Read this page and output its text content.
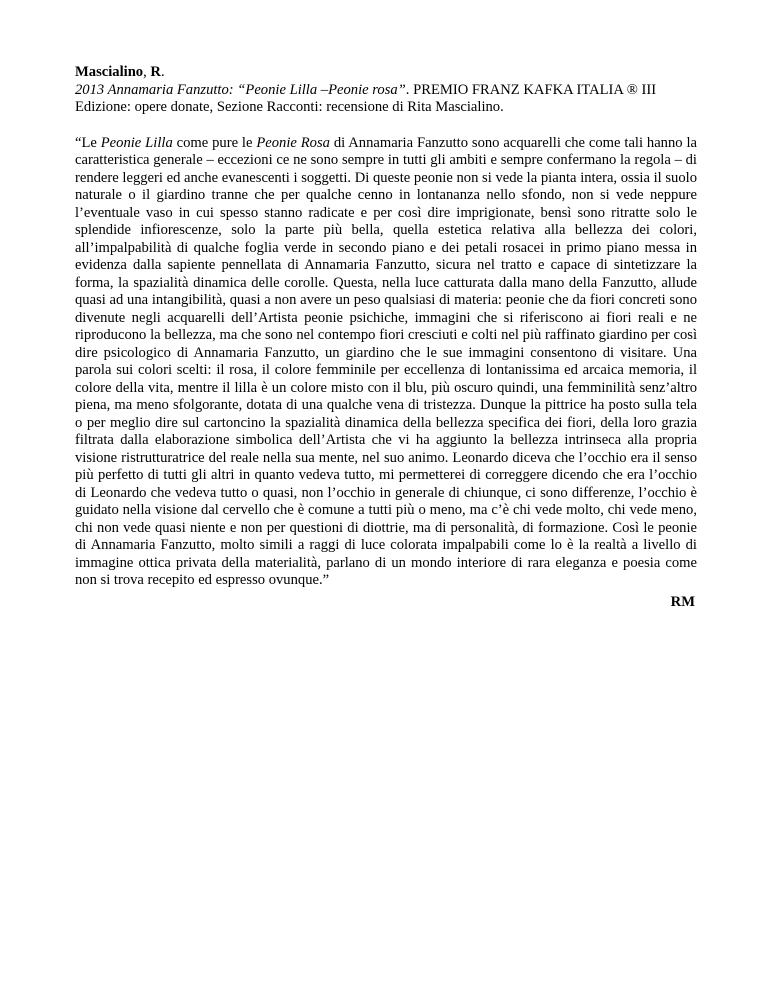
Mascialino, R.

2013 Annamaria Fanzutto: “Peonie Lilla –Peonie rosa”. PREMIO FRANZ KAFKA ITALIA ® III Edizione: opere donate, Sezione Racconti: recensione di Rita Mascialino.

“Le Peonie Lilla come pure le Peonie Rosa di Annamaria Fanzutto sono acquarelli che come tali hanno la caratteristica generale – eccezioni ce ne sono sempre in tutti gli ambiti e sempre confermano la regola – di rendere leggeri ed anche evanescenti i soggetti. Di queste peonie non si vede la pianta intera, ossia il suolo naturale o il giardino tranne che per qualche cenno in lontananza nello sfondo, non si vede neppure l’eventuale vaso in cui spesso stanno radicate e per così dire imprigionate, bensì sono ritratte solo le splendide infiorescenze, solo la parte più bella, quella estetica relativa alla bellezza dei colori, all’impalpabilità di qualche foglia verde in secondo piano e dei petali rosacei in primo piano messa in evidenza dalla sapiente pennellata di Annamaria Fanzutto, sicura nel tratto e capace di sintetizzare la forma, la spazialità dinamica delle corolle. Questa, nella luce catturata dalla mano della Fanzutto, allude quasi ad una intangibilità, quasi a non avere un peso qualsiasi di materia: peonie che da fiori concreti sono divenute negli acquarelli dell’Artista peonie psichiche, immagini che si riferiscono ai fiori reali e ne riproducono la bellezza, ma che sono nel contempo fiori cresciuti e colti nel più raffinato giardino per così dire psicologico di Annamaria Fanzutto, un giardino che le sue immagini consentono di visitare. Una parola sui colori scelti: il rosa, il colore femminile per eccellenza di lontanissima ed arcaica memoria, il colore della vita, mentre il lilla è un colore misto con il blu, più oscuro quindi, una femminilità senz’altro piena, ma meno sfolgorante, dotata di una qualche vena di tristezza. Dunque la pittrice ha posto sulla tela o per meglio dire sul cartoncino la spazialità dinamica della bellezza specifica dei fiori, della loro grazia filtrata dalla elaborazione simbolica dell’Artista che vi ha aggiunto la bellezza intrinseca alla propria visione ristrutturatrice del reale nella sua mente, nel suo animo. Leonardo diceva che l’occhio era il senso più perfetto di tutti gli altri in quanto vedeva tutto, mi permetterei di correggere dicendo che era l’occhio di Leonardo che vedeva tutto o quasi, non l’occhio in generale di chiunque, ci sono differenze, l’occhio è guidato nella visione dal cervello che è comune a tutti più o meno, ma c’è chi vede molto, chi vede meno, chi non vede quasi niente e non per questioni di diottrie, ma di personalità, di formazione. Così le peonie di Annamaria Fanzutto, molto simili a raggi di luce colorata impalpabili come lo è la realtà a livello di immagine ottica privata della materialità, parlano di un mondo interiore di rara eleganza e poesia come non si trova recepito ed espresso ovunque.”

RM
